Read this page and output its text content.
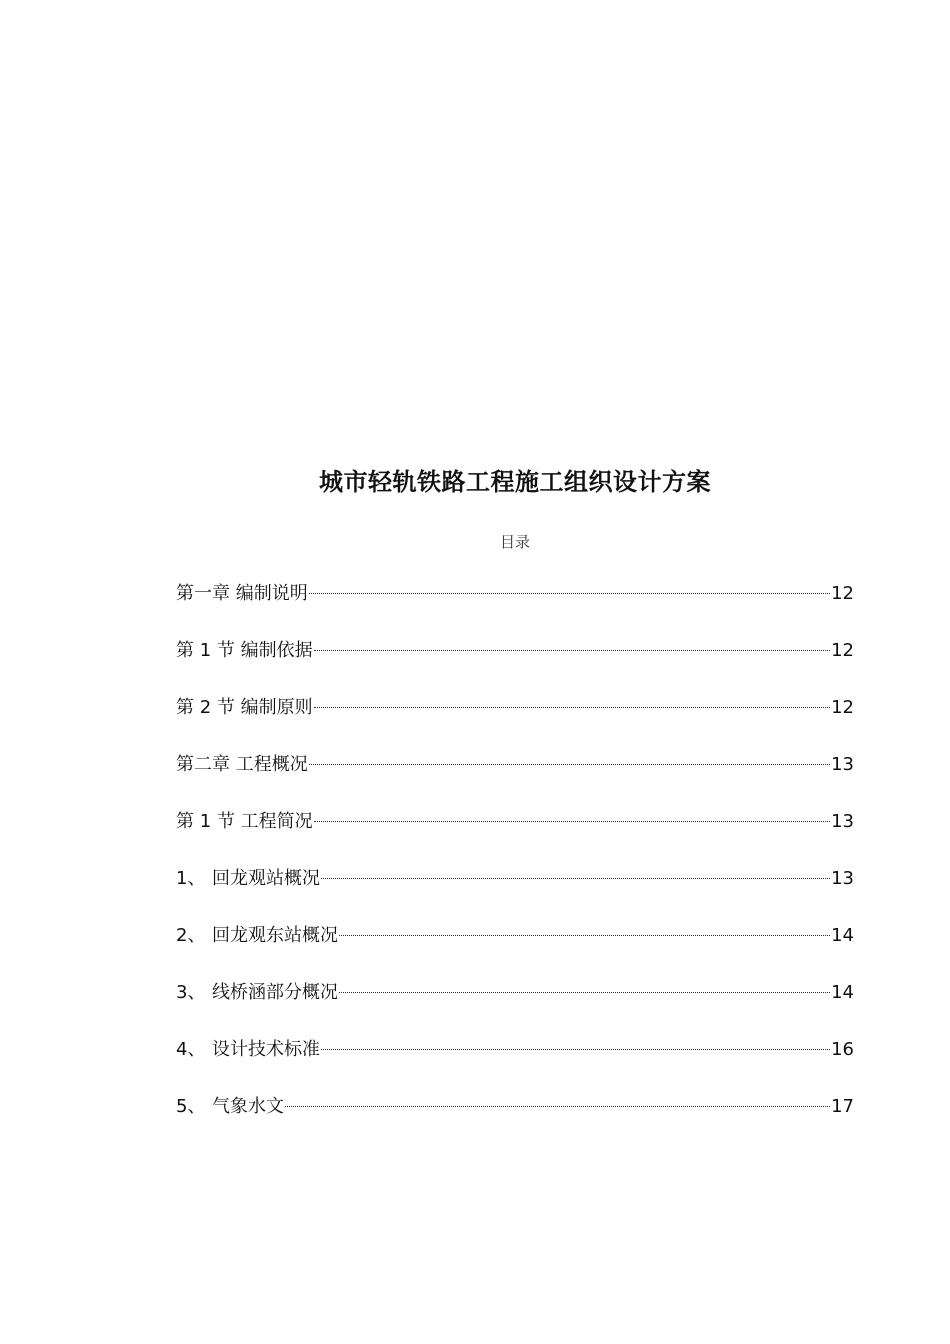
城市轻轨铁路工程施工组织设计方案
目录
第一章 编制说明	12
第 1 节 编制依据	12
第 2 节 编制原则	12
第二章 工程概况	13
第 1 节 工程简况	13
1、 回龙观站概况	13
2、 回龙观东站概况	14
3、 线桥涵部分概况	14
4、 设计技术标准	16
5、 气象水文	17
